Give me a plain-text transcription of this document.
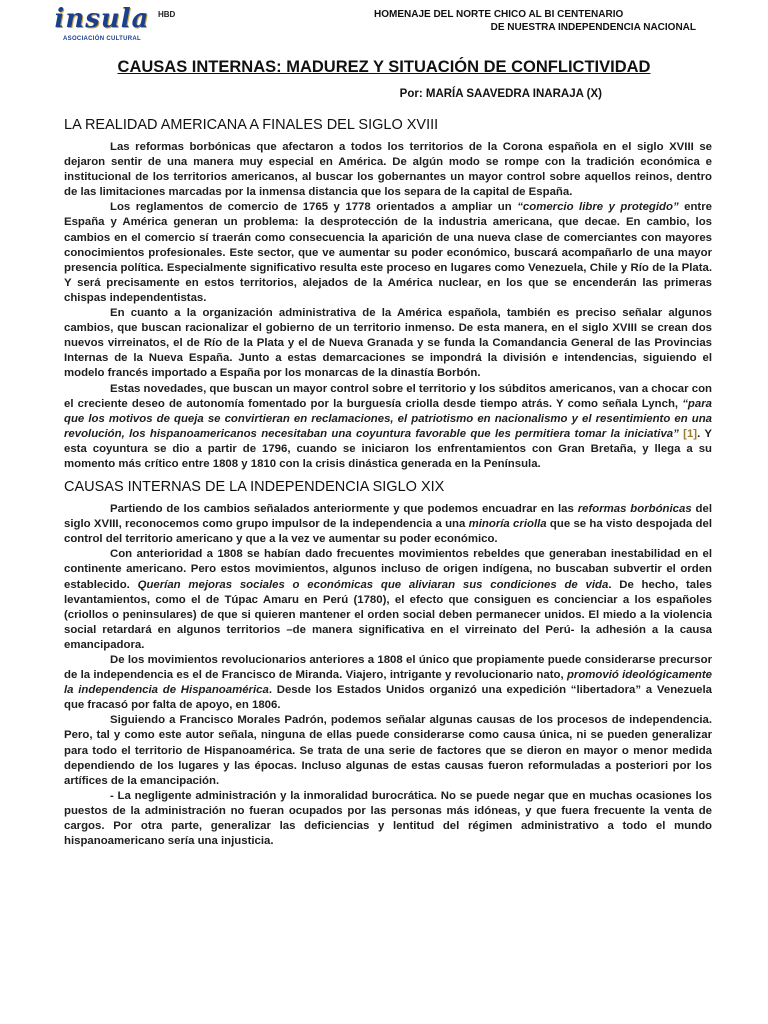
insula
ASOCIACIÓN CULTURAL
HBD	HOMENAJE DEL NORTE CHICO AL BI CENTENARIO
DE NUESTRA INDEPENDENCIA NACIONAL
CAUSAS INTERNAS: MADUREZ Y SITUACIÓN DE CONFLICTIVIDAD
Por: MARÍA SAAVEDRA INARAJA (X)
LA REALIDAD AMERICANA A FINALES DEL SIGLO XVIII

Las reformas borbónicas que afectaron a todos los territorios de la Corona española en el siglo XVIII se dejaron sentir de una manera muy especial en América. De algún modo se rompe con la tradición económica e institucional de los territorios americanos, al buscar los gobernantes un mayor control sobre aquellos reinos, dentro de las limitaciones marcadas por la inmensa distancia que los separa de la capital de España.

Los reglamentos de comercio de 1765 y 1778 orientados a ampliar un “comercio libre y protegido” entre España y América generan un problema: la desprotección de la industria americana, que decae. En cambio, los cambios en el comercio sí traerán como consecuencia la aparición de una nueva clase de comerciantes con mayores conocimientos profesionales. Este sector, que ve aumentar su poder económico, buscará acompañarlo de una mayor presencia política. Especialmente significativo resulta este proceso en lugares como Venezuela, Chile y Río de la Plata. Y será precisamente en estos territorios, alejados de la América nuclear, en los que se encenderán las primeras chispas independentistas.

En cuanto a la organización administrativa de la América española, también es preciso señalar algunos cambios, que buscan racionalizar el gobierno de un territorio inmenso. De esta manera, en el siglo XVIII se crean dos nuevos virreinatos, el de Río de la Plata y el de Nueva Granada y se funda la Comandancia General de las Provincias Internas de la Nueva España. Junto a estas demarcaciones se impondrá la división e intendencias, siguiendo el modelo francés importado a España por los monarcas de la dinastía Borbón.

Estas novedades, que buscan un mayor control sobre el territorio y los súbditos americanos, van a chocar con el creciente deseo de autonomía fomentado por la burguesía criolla desde tiempo atrás. Y como señala Lynch, “para que los motivos de queja se convirtieran en reclamaciones, el patriotismo en nacionalismo y el resentimiento en una revolución, los hispanoamericanos necesitaban una coyuntura favorable que les permitiera tomar la iniciativa” [1]. Y esta coyuntura se dio a partir de 1796, cuando se iniciaron los enfrentamientos con Gran Bretaña, y llega a su momento más crítico entre 1808 y 1810 con la crisis dinástica generada en la Península.

CAUSAS INTERNAS DE LA INDEPENDENCIA SIGLO XIX

Partiendo de los cambios señalados anteriormente y que podemos encuadrar en las reformas borbónicas del siglo XVIII, reconocemos como grupo impulsor de la independencia a una minoría criolla que se ha visto despojada del control del territorio americano y que a la vez ve aumentar su poder económico.

Con anterioridad a 1808 se habían dado frecuentes movimientos rebeldes que generaban inestabilidad en el continente americano. Pero estos movimientos, algunos incluso de origen indígena, no buscaban subvertir el orden establecido. Querían mejoras sociales o económicas que aliviaran sus condiciones de vida. De hecho, tales levantamientos, como el de Túpac Amaru en Perú (1780), el efecto que consiguen es concienciar a los españoles (criollos o peninsulares) de que si quieren mantener el orden social deben permanecer unidos. El miedo a la violencia social retardará en algunos territorios –de manera significativa en el virreinato del Perú- la adhesión a la causa emancipadora.

De los movimientos revolucionarios anteriores a 1808 el único que propiamente puede considerarse precursor de la independencia es el de Francisco de Miranda. Viajero, intrigante y revolucionario nato, promovió ideológicamente la independencia de Hispanoamérica. Desde los Estados Unidos organizó una expedición “libertadora” a Venezuela que fracasó por falta de apoyo, en 1806.

Siguiendo a Francisco Morales Padrón, podemos señalar algunas causas de los procesos de independencia. Pero, tal y como este autor señala, ninguna de ellas puede considerarse como causa única, ni se pueden generalizar para todo el territorio de Hispanoamérica. Se trata de una serie de factores que se dieron en mayor o menor medida dependiendo de los lugares y las épocas. Incluso algunas de estas causas fueron reformuladas a posteriori por los artífices de la emancipación.

- La negligente administración y la inmoralidad burocrática. No se puede negar que en muchas ocasiones los puestos de la administración no fueran ocupados por las personas más idóneas, y que fuera frecuente la venta de cargos. Por otra parte, generalizar las deficiencias y lentitud del régimen administrativo a todo el mundo hispanoamericano sería una injusticia.
